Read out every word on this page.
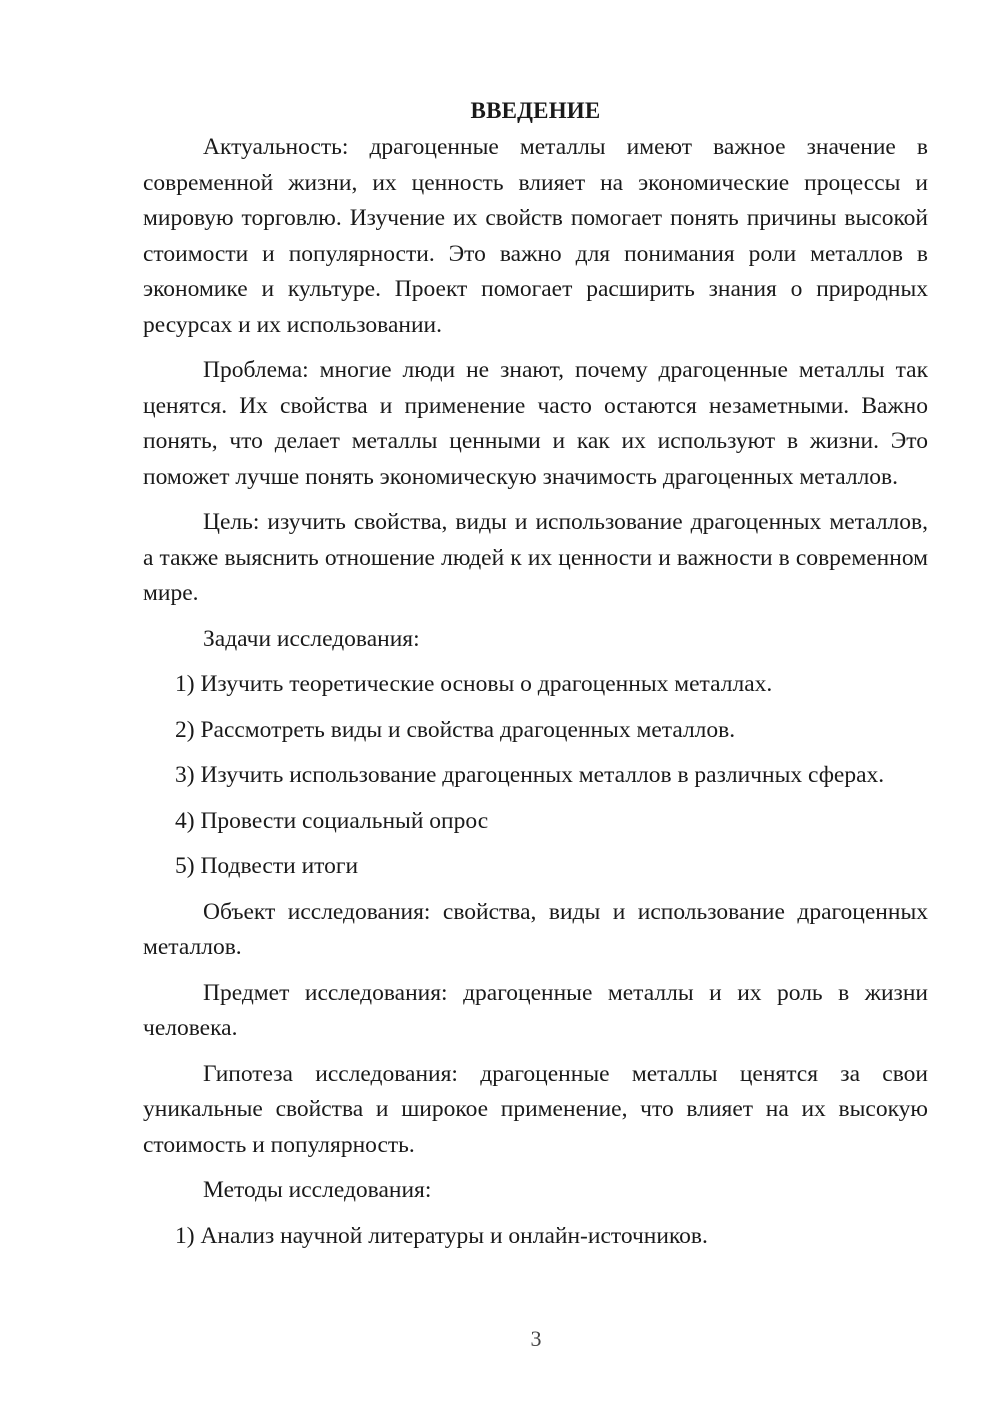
ВВЕДЕНИЕ

Актуальность: драгоценные металлы имеют важное значение в современной жизни, их ценность влияет на экономические процессы и мировую торговлю. Изучение их свойств помогает понять причины высокой стоимости и популярности. Это важно для понимания роли металлов в экономике и культуре. Проект помогает расширить знания о природных ресурсах и их использовании.

Проблема: многие люди не знают, почему драгоценные металлы так ценятся. Их свойства и применение часто остаются незаметными. Важно понять, что делает металлы ценными и как их используют в жизни. Это поможет лучше понять экономическую значимость драгоценных металлов.

Цель: изучить свойства, виды и использование драгоценных металлов, а также выяснить отношение людей к их ценности и важности в современном мире.

Задачи исследования:

1) Изучить теоретические основы о драгоценных металлах.
2) Рассмотреть виды и свойства драгоценных металлов.
3) Изучить использование драгоценных металлов в различных сферах.
4) Провести социальный опрос
5) Подвести итоги

Объект исследования: свойства, виды и использование драгоценных металлов.

Предмет исследования: драгоценные металлы и их роль в жизни человека.

Гипотеза исследования: драгоценные металлы ценятся за свои уникальные свойства и широкое применение, что влияет на их высокую стоимость и популярность.

Методы исследования:

1) Анализ научной литературы и онлайн-источников.
3
